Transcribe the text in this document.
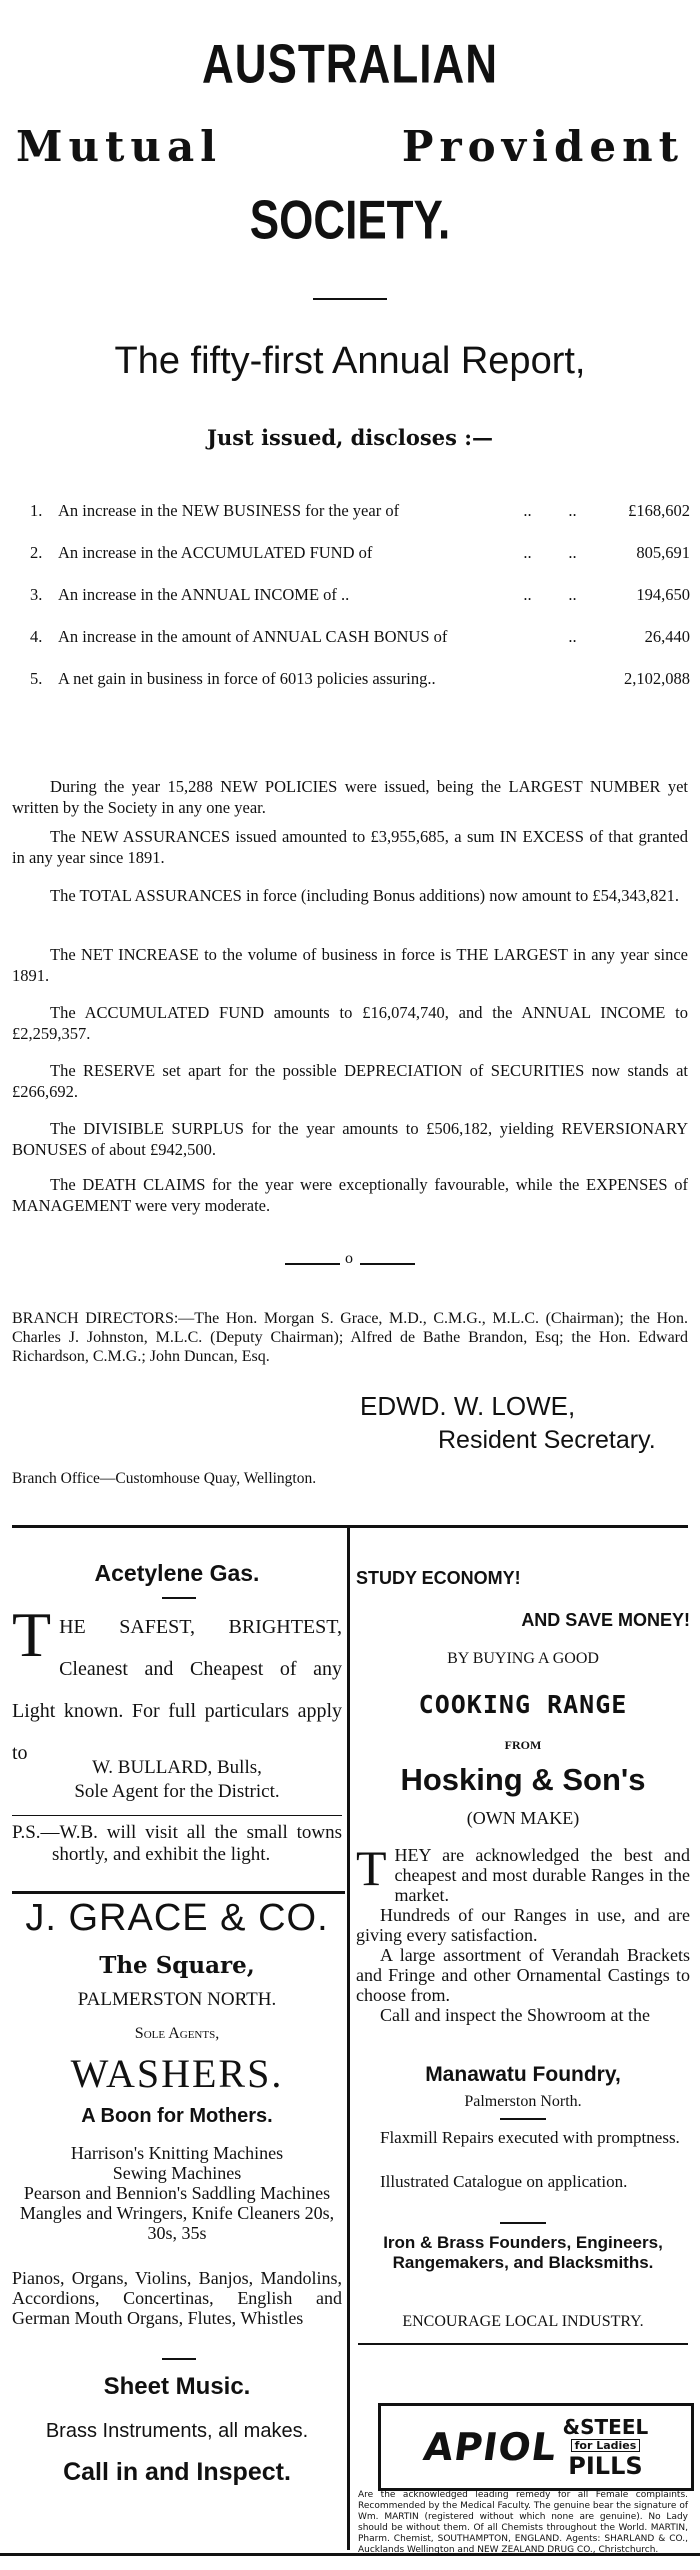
AUSTRALIAN
Mutual	Provident
SOCIETY.
The fifty-first Annual Report,
Just issued, discloses :—
1. An increase in the NEW BUSINESS for the year of	..	..	£168,602
2. An increase in the ACCUMULATED FUND of	..	..	805,691
3. An increase in the ANNUAL INCOME of ..	..	..	194,650
4. An increase in the amount of ANNUAL CASH BONUS of	..	26,440
5. A net gain in business in force of 6013 policies assuring..	2,102,088
During the year 15,288 NEW POLICIES were issued, being the LARGEST NUMBER yet written by the Society in any one year.
The NEW ASSURANCES issued amounted to £3,955,685, a sum IN EXCESS of that granted in any year since 1891.
The TOTAL ASSURANCES in force (including Bonus additions) now amount to £54,343,821.
The NET INCREASE to the volume of business in force is THE LARGEST in any year since 1891.
The ACCUMULATED FUND amounts to £16,074,740, and the ANNUAL INCOME to £2,259,357.
The RESERVE set apart for the possible DEPRECIATION of SECURITIES now stands at £266,692.
The DIVISIBLE SURPLUS for the year amounts to £506,182, yielding REVERSIONARY BONUSES of about £942,500.
The DEATH CLAIMS for the year were exceptionally favourable, while the EXPENSES of MANAGEMENT were very moderate.
o
BRANCH DIRECTORS:—The Hon. Morgan S. Grace, M.D., C.M.G., M.L.C. (Chairman); the Hon. Charles J. Johnston, M.L.C. (Deputy Chairman); Alfred de Bathe Brandon, Esq; the Hon. Edward Richardson, C.M.G.; John Duncan, Esq.
EDWD. W. LOWE,
Resident Secretary.
Branch Office—Customhouse Quay, Wellington.
Acetylene Gas.
THE SAFEST, BRIGHTEST, Cleanest and Cheapest of any Light known. For full particulars apply to
W. BULLARD, Bulls,
Sole Agent for the District.
P.S.—W.B. will visit all the small towns shortly, and exhibit the light.
J. GRACE & CO.
The Square,
PALMERSTON NORTH.
Sole Agents,
WASHERS.
A Boon for Mothers.
Harrison's Knitting Machines
Sewing Machines
Pearson and Bennion's Saddling Machines
Mangles and Wringers, Knife Cleaners 20s, 30s, 35s
Pianos, Organs, Violins, Banjos, Mandolins, Accordions, Concertinas, English and German Mouth Organs, Flutes, Whistles
Sheet Music.
Brass Instruments, all makes.
Call in and Inspect.
STUDY ECONOMY!
AND SAVE MONEY!
BY BUYING A GOOD
COOKING RANGE
FROM
Hosking & Son's
(OWN MAKE)
THEY are acknowledged the best and cheapest and most durable Ranges in the market.
Hundreds of our Ranges in use, and are giving every satisfaction.
A large assortment of Verandah Brackets and Fringe and other Ornamental Castings to choose from.
Call and inspect the Showroom at the
Manawatu Foundry,
Palmerston North.
Flaxmill Repairs executed with promptness.
Illustrated Catalogue on application.
Iron & Brass Founders, Engineers, Rangemakers, and Blacksmiths.
ENCOURAGE LOCAL INDUSTRY.
APIOL &STEEL
for Ladies
PILLS
Are the acknowledged leading remedy for all Female complaints. Recommended by the Medical Faculty. The genuine bear the signature of Wm. MARTIN (registered without which none are genuine). No Lady should be without them. Of all Chemists throughout the World. MARTIN, Pharm. Chemist, SOUTHAMPTON, ENGLAND. Agents: SHARLAND & CO., Aucklands Wellington and NEW ZEALAND DRUG CO., Christchurch.
